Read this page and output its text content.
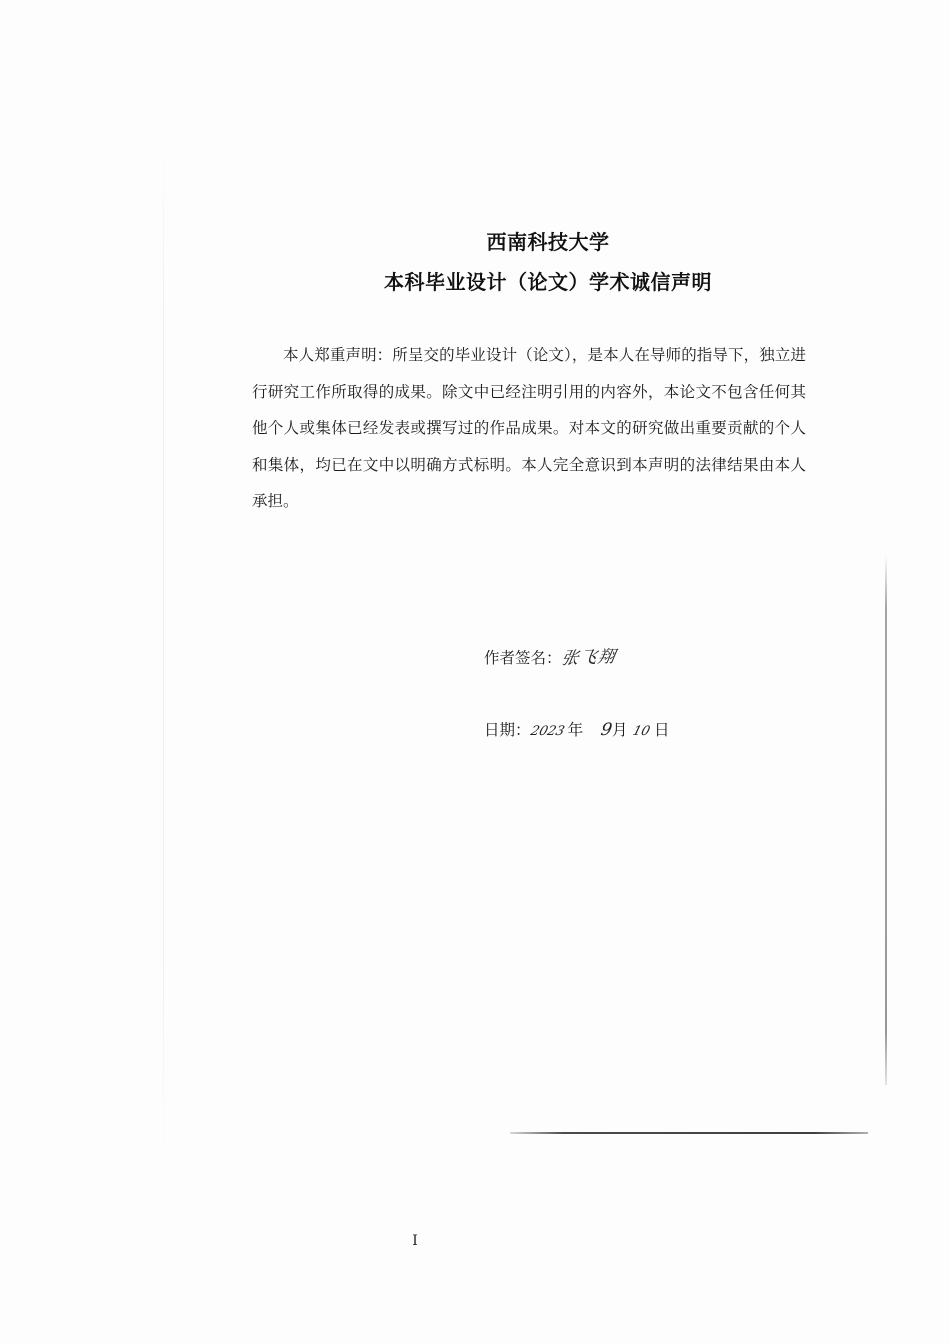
西南科技大学
本科毕业设计（论文）学术诚信声明
本人郑重声明：所呈交的毕业设计（论文），是本人在导师的指导下，独立进行研究工作所取得的成果。除文中已经注明引用的内容外，本论文不包含任何其他个人或集体已经发表或撰写过的作品成果。对本文的研究做出重要贡献的个人和集体，均已在文中以明确方式标明。本人完全意识到本声明的法律结果由本人承担。
作者签名：张飞翔
日期：2023 年 9月 10 日
I
